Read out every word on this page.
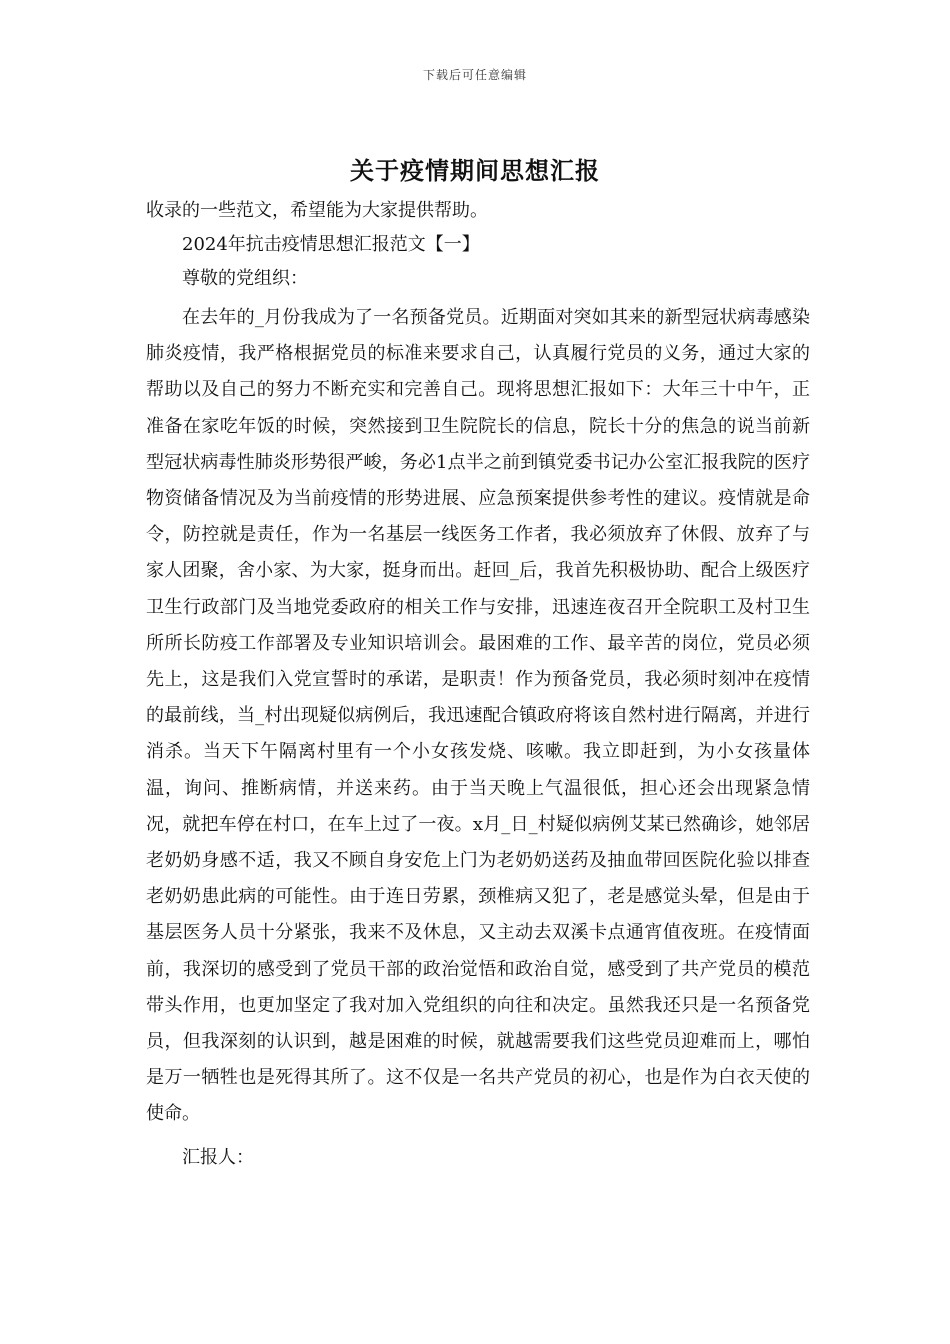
下载后可任意编辑
关于疫情期间思想汇报

收录的一些范文，希望能为大家提供帮助。

2024年抗击疫情思想汇报范文【一】

尊敬的党组织：

在去年的_月份我成为了一名预备党员。近期面对突如其来的新型冠状病毒感染肺炎疫情，我严格根据党员的标准来要求自己，认真履行党员的义务，通过大家的帮助以及自己的努力不断充实和完善自己。现将思想汇报如下：大年三十中午，正准备在家吃年饭的时候，突然接到卫生院院长的信息，院长十分的焦急的说当前新型冠状病毒性肺炎形势很严峻，务必1点半之前到镇党委书记办公室汇报我院的医疗物资储备情况及为当前疫情的形势进展、应急预案提供参考性的建议。疫情就是命令，防控就是责任，作为一名基层一线医务工作者，我必须放弃了休假、放弃了与家人团聚，舍小家、为大家，挺身而出。赶回_后，我首先积极协助、配合上级医疗卫生行政部门及当地党委政府的相关工作与安排，迅速连夜召开全院职工及村卫生所所长防疫工作部署及专业知识培训会。最困难的工作、最辛苦的岗位，党员必须先上，这是我们入党宣誓时的承诺，是职责！作为预备党员，我必须时刻冲在疫情的最前线，当_村出现疑似病例后，我迅速配合镇政府将该自然村进行隔离，并进行消杀。当天下午隔离村里有一个小女孩发烧、咳嗽。我立即赶到，为小女孩量体温，询问、推断病情，并送来药。由于当天晚上气温很低，担心还会出现紧急情况，就把车停在村口，在车上过了一夜。x月_日_村疑似病例艾某已然确诊，她邻居老奶奶身感不适，我又不顾自身安危上门为老奶奶送药及抽血带回医院化验以排查老奶奶患此病的可能性。由于连日劳累，颈椎病又犯了，老是感觉头晕，但是由于基层医务人员十分紧张，我来不及休息，又主动去双溪卡点通宵值夜班。在疫情面前，我深切的感受到了党员干部的政治觉悟和政治自觉，感受到了共产党员的模范带头作用，也更加坚定了我对加入党组织的向往和决定。虽然我还只是一名预备党员，但我深刻的认识到，越是困难的时候，就越需要我们这些党员迎难而上，哪怕是万一牺牲也是死得其所了。这不仅是一名共产党员的初心，也是作为白衣天使的使命。

汇报人：
